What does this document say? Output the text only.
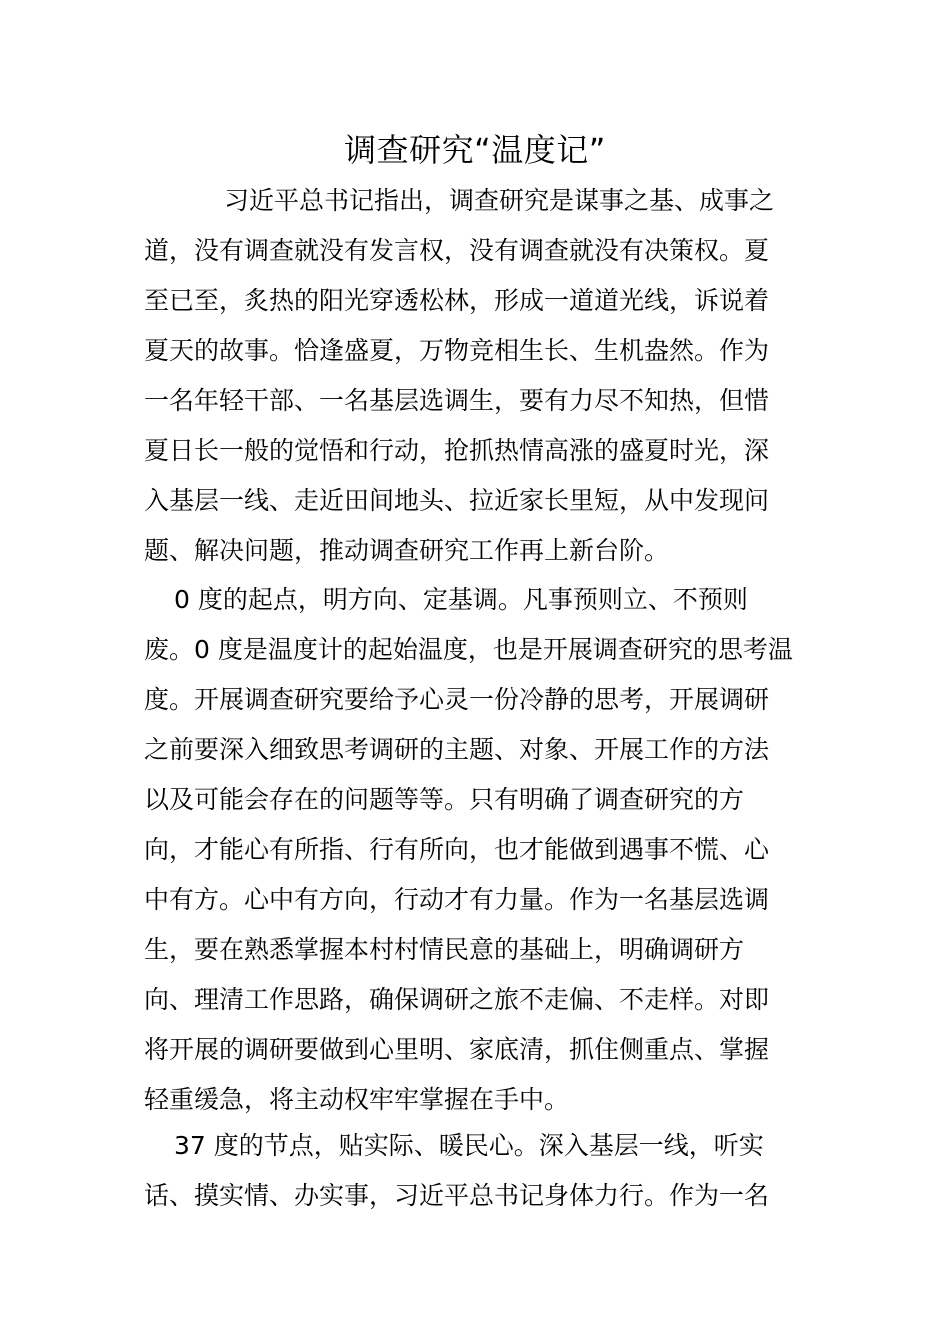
调查研究“温度记”
习近平总书记指出，调查研究是谋事之基、成事之
道，没有调查就没有发言权，没有调查就没有决策权。夏
至已至，炙热的阳光穿透松林，形成一道道光线，诉说着
夏天的故事。恰逢盛夏，万物竞相生长、生机盎然。作为
一名年轻干部、一名基层选调生，要有力尽不知热，但惜
夏日长一般的觉悟和行动，抢抓热情高涨的盛夏时光，深
入基层一线、走近田间地头、拉近家长里短，从中发现问
题、解决问题，推动调查研究工作再上新台阶。
0 度的起点，明方向、定基调。凡事预则立、不预则
废。0 度是温度计的起始温度，也是开展调查研究的思考温
度。开展调查研究要给予心灵一份冷静的思考，开展调研
之前要深入细致思考调研的主题、对象、开展工作的方法
以及可能会存在的问题等等。只有明确了调查研究的方
向，才能心有所指、行有所向，也才能做到遇事不慌、心
中有方。心中有方向，行动才有力量。作为一名基层选调
生，要在熟悉掌握本村村情民意的基础上，明确调研方
向、理清工作思路，确保调研之旅不走偏、不走样。对即
将开展的调研要做到心里明、家底清，抓住侧重点、掌握
轻重缓急，将主动权牢牢掌握在手中。
37 度的节点，贴实际、暖民心。深入基层一线，听实
话、摸实情、办实事，习近平总书记身体力行。作为一名
